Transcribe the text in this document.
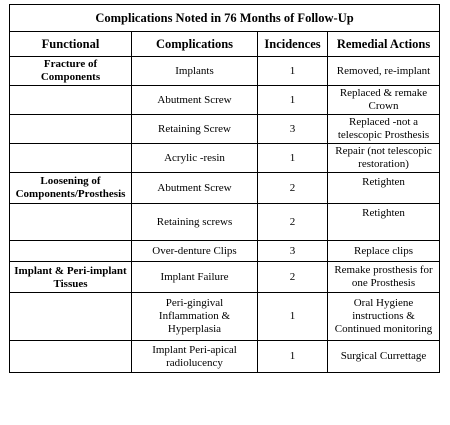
Complications Noted in 76 Months of Follow-Up			
Functional	Complications	Incidences	Remedial Actions
Fracture of Components	Implants	1	Removed, re-implant
	Abutment Screw	1	Replaced & remake Crown
	Retaining Screw	3	Replaced -not a telescopic Prosthesis
	Acrylic -resin	1	Repair (not telescopic restoration)
Loosening of Components/Prosthesis	Abutment Screw	2	Retighten
	Retaining screws	2	Retighten
	Over-denture Clips	3	Replace clips
Implant & Peri-implant Tissues	Implant Failure	2	Remake prosthesis for one Prosthesis
	Peri-gingival Inflammation & Hyperplasia	1	Oral Hygiene instructions & Continued monitoring
	Implant Peri-apical radiolucency	1	Surgical Currettage
